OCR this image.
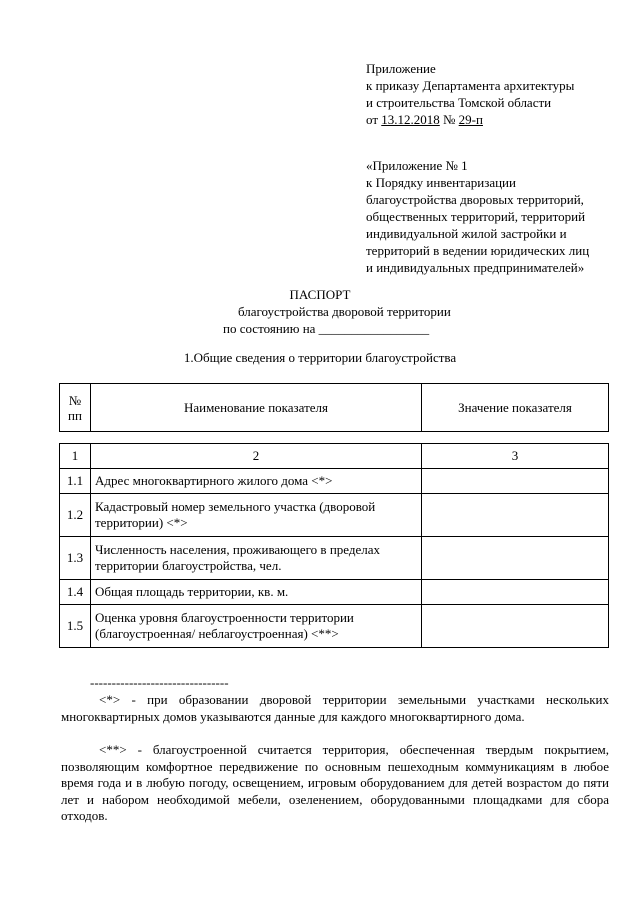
Приложение
к приказу Департамента архитектуры
и строительства Томской области
от 13.12.2018 № 29-п
«Приложение № 1
к Порядку инвентаризации
благоустройства дворовых территорий,
общественных территорий, территорий
индивидуальной жилой застройки и
территорий в ведении юридических лиц
и индивидуальных предпринимателей»
ПАСПОРТ
благоустройства дворовой территории
по состоянию на _________________
1.Общие сведения о территории благоустройства
№ пп	Наименование показателя	Значение показателя
1	2	3
1.1	Адрес многоквартирного жилого дома <*>	
1.2	Кадастровый номер земельного участка (дворовой территории) <*>	
1.3	Численность населения, проживающего в пределах территории благоустройства, чел.	
1.4	Общая площадь территории, кв. м.	
1.5	Оценка уровня благоустроенности территории (благоустроенная/ неблагоустроенная) <**>	
--------------------------------
<*> - при образовании дворовой территории земельными участками нескольких многоквартирных домов указываются данные для каждого многоквартирного дома.
<**> - благоустроенной считается территория, обеспеченная твердым покрытием, позволяющим комфортное передвижение по основным пешеходным коммуникациям в любое время года и в любую погоду, освещением, игровым оборудованием для детей возрастом до пяти лет и набором необходимой мебели, озеленением, оборудованными площадками для сбора отходов.
